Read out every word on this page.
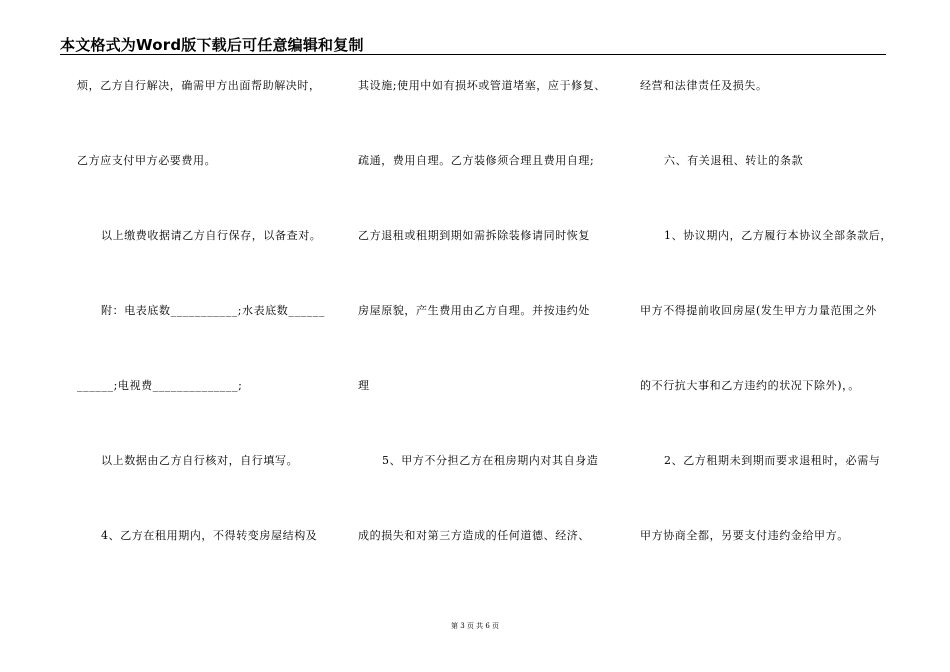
本文格式为Word版下载后可任意编辑和复制
烦，乙方自行解决，确需甲方出面帮助解决时，
乙方应支付甲方必要费用。
以上缴费收据请乙方自行保存，以备查对。
附：电表底数___________;水表底数______
______;电视费______________;
以上数据由乙方自行核对，自行填写。
4、乙方在租用期内，不得转变房屋结构及
其设施;使用中如有损坏或管道堵塞，应于修复、
疏通，费用自理。乙方装修须合理且费用自理;
乙方退租或租期到期如需拆除装修请同时恢复
房屋原貌，产生费用由乙方自理。并按违约处
理
5、甲方不分担乙方在租房期内对其自身造
成的损失和对第三方造成的任何道德、经济、
经营和法律责任及损失。
六、有关退租、转让的条款
1、协议期内，乙方履行本协议全部条款后，
甲方不得提前收回房屋(发生甲方力量范围之外
的不行抗大事和乙方违约的状况下除外)，。
2、乙方租期未到期而要求退租时，必需与
甲方协商全都，另要支付违约金给甲方。
第 3 页 共 6 页
